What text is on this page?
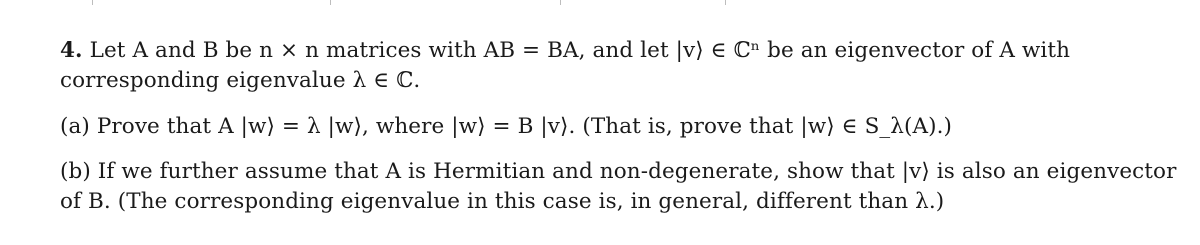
4. Let A and B be n × n matrices with AB = BA, and let |v⟩ ∈ ℂⁿ be an eigenvector of A with
corresponding eigenvalue λ ∈ ℂ.

(a) Prove that A |w⟩ = λ |w⟩, where |w⟩ = B |v⟩. (That is, prove that |w⟩ ∈ S_λ(A).)

(b) If we further assume that A is Hermitian and non-degenerate, show that |v⟩ is also an eigenvector
of B. (The corresponding eigenvalue in this case is, in general, different than λ.)
